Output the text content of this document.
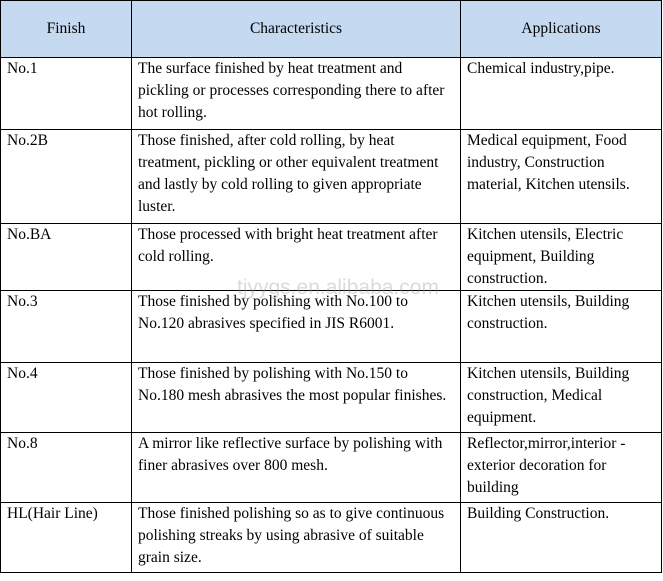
Finish	Characteristics	Applications
No.1	The surface finished by heat treatment and pickling or processes corresponding there to after hot rolling.	Chemical industry,pipe.
No.2B	Those finished, after cold rolling, by heat treatment, pickling or other equivalent treatment and lastly by cold rolling to given appropriate luster.	Medical equipment, Food industry, Construction material, Kitchen utensils.
No.BA	Those processed with bright heat treatment after cold rolling.	Kitchen utensils, Electric equipment, Building construction.
No.3	Those finished by polishing with No.100 to No.120 abrasives specified in JIS R6001.	Kitchen utensils, Building construction.
No.4	Those finished by polishing with No.150 to No.180 mesh abrasives the most popular finishes.	Kitchen utensils, Building construction, Medical equipment.
No.8	A mirror like reflective surface by polishing with finer abrasives over 800 mesh.	Reflector,mirror,interior -exterior decoration for building
HL(Hair Line)	Those finished polishing so as to give continuous polishing streaks by using abrasive of suitable grain size.	Building Construction.
tjyygs.en.alibaba.com
